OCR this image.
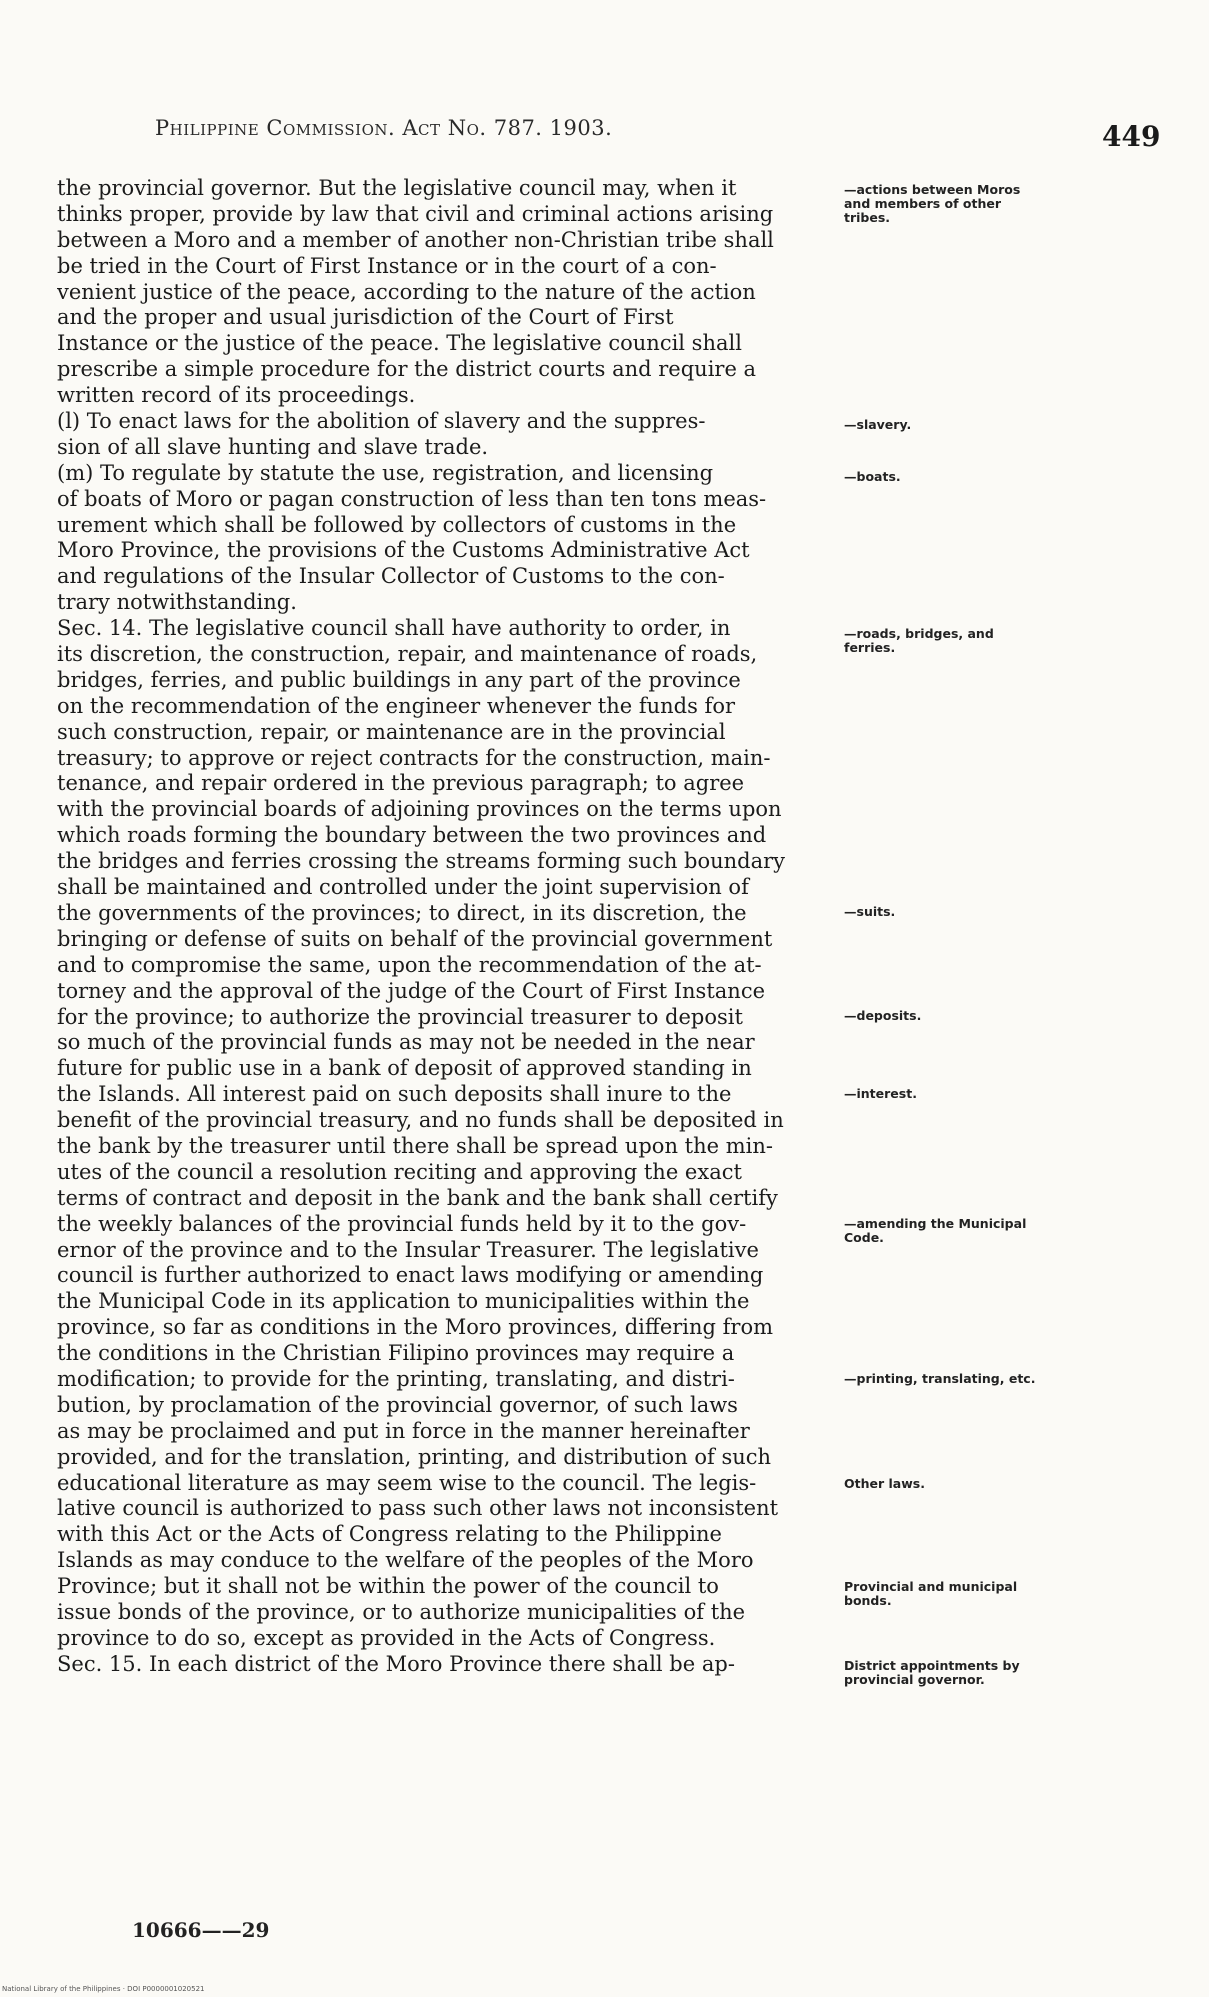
Philippine Commission. Act No. 787. 1903.	449
the provincial governor. But the legislative council may, when it
thinks proper, provide by law that civil and criminal actions arising
between a Moro and a member of another non-Christian tribe shall
be tried in the Court of First Instance or in the court of a con-
venient justice of the peace, according to the nature of the action
and the proper and usual jurisdiction of the Court of First
Instance or the justice of the peace. The legislative council shall
prescribe a simple procedure for the district courts and require a
written record of its proceedings.
(l) To enact laws for the abolition of slavery and the suppres-
sion of all slave hunting and slave trade.
(m) To regulate by statute the use, registration, and licensing
of boats of Moro or pagan construction of less than ten tons meas-
urement which shall be followed by collectors of customs in the
Moro Province, the provisions of the Customs Administrative Act
and regulations of the Insular Collector of Customs to the con-
trary notwithstanding.
Sec. 14. The legislative council shall have authority to order, in
its discretion, the construction, repair, and maintenance of roads,
bridges, ferries, and public buildings in any part of the province
on the recommendation of the engineer whenever the funds for
such construction, repair, or maintenance are in the provincial
treasury; to approve or reject contracts for the construction, main-
tenance, and repair ordered in the previous paragraph; to agree
with the provincial boards of adjoining provinces on the terms upon
which roads forming the boundary between the two provinces and
the bridges and ferries crossing the streams forming such boundary
shall be maintained and controlled under the joint supervision of
the governments of the provinces; to direct, in its discretion, the
bringing or defense of suits on behalf of the provincial government
and to compromise the same, upon the recommendation of the at-
torney and the approval of the judge of the Court of First Instance
for the province; to authorize the provincial treasurer to deposit
so much of the provincial funds as may not be needed in the near
future for public use in a bank of deposit of approved standing in
the Islands. All interest paid on such deposits shall inure to the
benefit of the provincial treasury, and no funds shall be deposited in
the bank by the treasurer until there shall be spread upon the min-
utes of the council a resolution reciting and approving the exact
terms of contract and deposit in the bank and the bank shall certify
the weekly balances of the provincial funds held by it to the gov-
ernor of the province and to the Insular Treasurer. The legislative
council is further authorized to enact laws modifying or amending
the Municipal Code in its application to municipalities within the
province, so far as conditions in the Moro provinces, differing from
the conditions in the Christian Filipino provinces may require a
modification; to provide for the printing, translating, and distri-
bution, by proclamation of the provincial governor, of such laws
as may be proclaimed and put in force in the manner hereinafter
provided, and for the translation, printing, and distribution of such
educational literature as may seem wise to the council. The legis-
lative council is authorized to pass such other laws not inconsistent
with this Act or the Acts of Congress relating to the Philippine
Islands as may conduce to the welfare of the peoples of the Moro
Province; but it shall not be within the power of the council to
issue bonds of the province, or to authorize municipalities of the
province to do so, except as provided in the Acts of Congress.
Sec. 15. In each district of the Moro Province there shall be ap-
—actions between Moros and members of other tribes.
—slavery.
—boats.
—roads, bridges, and ferries.
—suits.
—deposits.
—interest.
—amending the Municipal Code.
—printing, translating, etc.
Other laws.
Provincial and municipal bonds.
District appointments by provincial governor.
10666——29
National Library of the Philippines · DOI P0000001020521
